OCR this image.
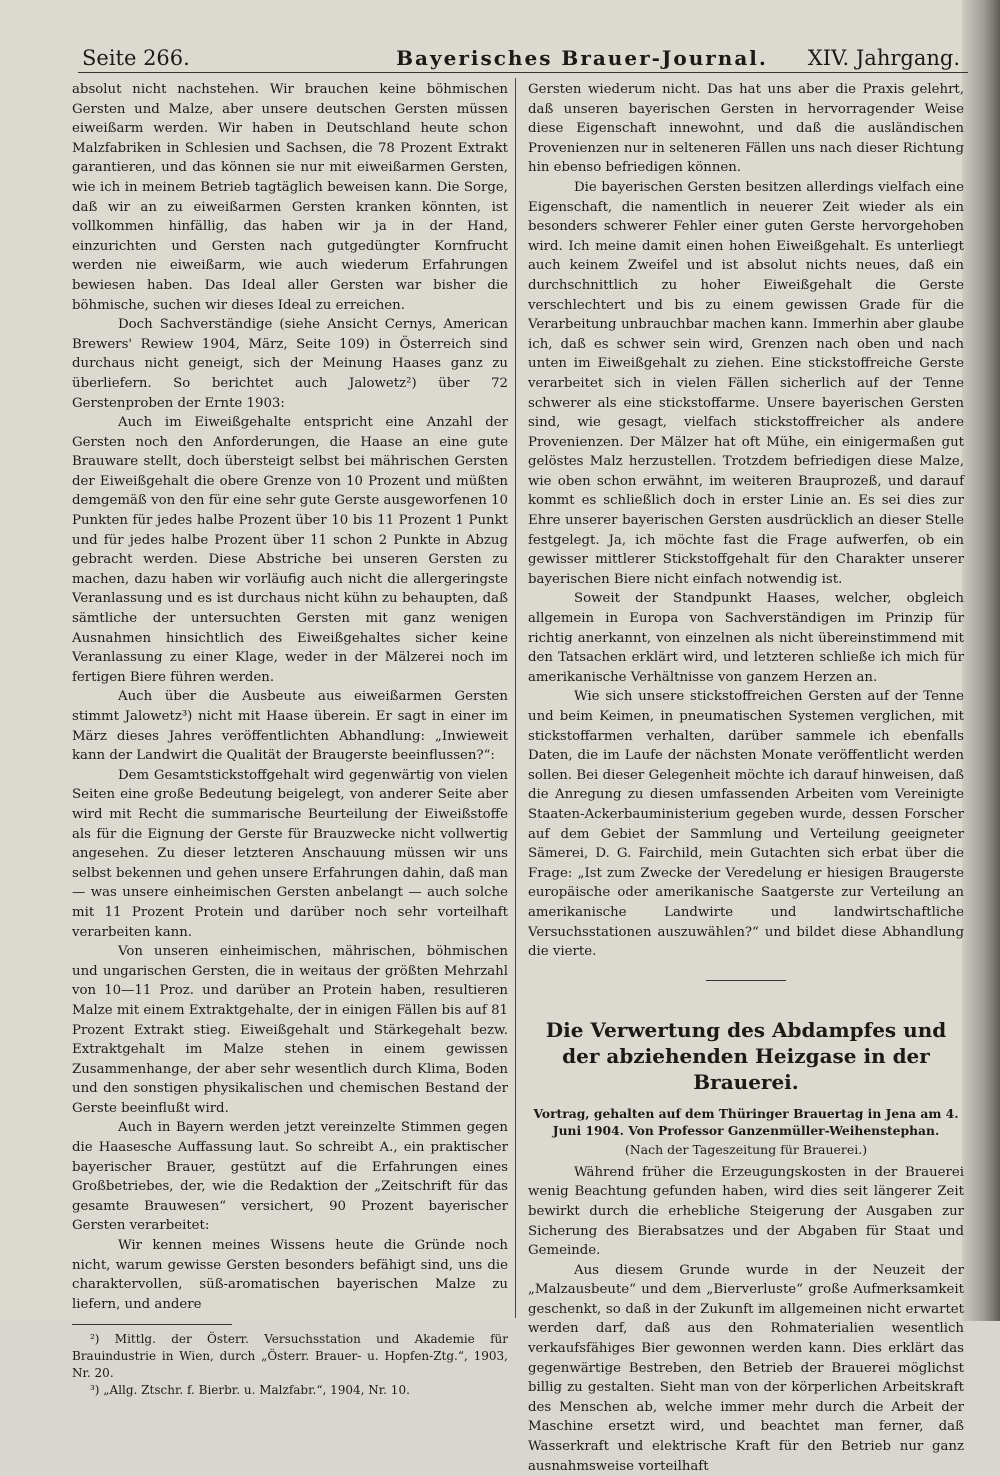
Seite 266.	Bayerisches Brauer-Journal.	XIV. Jahrgang.

absolut nicht nachstehen. Wir brauchen keine böhmischen Gersten und Malze, aber unsere deutschen Gersten müssen eiweißarm werden. Wir haben in Deutschland heute schon Malzfabriken in Schlesien und Sachsen, die 78 Prozent Extrakt garantieren, und das können sie nur mit eiweißarmen Gersten, wie ich in meinem Betrieb tagtäglich beweisen kann. Die Sorge, daß wir an zu eiweißarmen Gersten kranken könnten, ist vollkommen hinfällig, das haben wir ja in der Hand, einzurichten und Gersten nach gutgedüngter Kornfrucht werden nie eiweißarm, wie auch wiederum Erfahrungen bewiesen haben. Das Ideal aller Gersten war bisher die böhmische, suchen wir dieses Ideal zu erreichen.

Doch Sachverständige (siehe Ansicht Cernys, American Brewers' Rewiew 1904, März, Seite 109) in Österreich sind durchaus nicht geneigt, sich der Meinung Haases ganz zu überliefern. So berichtet auch Jalowetz²) über 72 Gerstenproben der Ernte 1903:

Auch im Eiweißgehalte entspricht eine Anzahl der Gersten noch den Anforderungen, die Haase an eine gute Brauware stellt, doch übersteigt selbst bei mährischen Gersten der Eiweißgehalt die obere Grenze von 10 Prozent und müßten demgemäß von den für eine sehr gute Gerste ausgeworfenen 10 Punkten für jedes halbe Prozent über 10 bis 11 Prozent 1 Punkt und für jedes halbe Prozent über 11 schon 2 Punkte in Abzug gebracht werden. Diese Abstriche bei unseren Gersten zu machen, dazu haben wir vorläufig auch nicht die allergeringste Veranlassung und es ist durchaus nicht kühn zu behaupten, daß sämtliche der untersuchten Gersten mit ganz wenigen Ausnahmen hinsichtlich des Eiweißgehaltes sicher keine Veranlassung zu einer Klage, weder in der Mälzerei noch im fertigen Biere führen werden.

Auch über die Ausbeute aus eiweißarmen Gersten stimmt Jalowetz³) nicht mit Haase überein. Er sagt in einer im März dieses Jahres veröffentlichten Abhandlung: „Inwieweit kann der Landwirt die Qualität der Braugerste beeinflussen?“:

Dem Gesamtstickstoffgehalt wird gegenwärtig von vielen Seiten eine große Bedeutung beigelegt, von anderer Seite aber wird mit Recht die summarische Beurteilung der Eiweißstoffe als für die Eignung der Gerste für Brauzwecke nicht vollwertig angesehen. Zu dieser letzteren Anschauung müssen wir uns selbst bekennen und gehen unsere Erfahrungen dahin, daß man — was unsere einheimischen Gersten anbelangt — auch solche mit 11 Prozent Protein und darüber noch sehr vorteilhaft verarbeiten kann.

Von unseren einheimischen, mährischen, böhmischen und ungarischen Gersten, die in weitaus der größten Mehrzahl von 10—11 Proz. und darüber an Protein haben, resultieren Malze mit einem Extraktgehalte, der in einigen Fällen bis auf 81 Prozent Extrakt stieg. Eiweißgehalt und Stärkegehalt bezw. Extraktgehalt im Malze stehen in einem gewissen Zusammenhange, der aber sehr wesentlich durch Klima, Boden und den sonstigen physikalischen und chemischen Bestand der Gerste beeinflußt wird.

Auch in Bayern werden jetzt vereinzelte Stimmen gegen die Haasesche Auffassung laut. So schreibt A., ein praktischer bayerischer Brauer, gestützt auf die Erfahrungen eines Großbetriebes, der, wie die Redaktion der „Zeitschrift für das gesamte Brauwesen“ versichert, 90 Prozent bayerischer Gersten verarbeitet:

Wir kennen meines Wissens heute die Gründe noch nicht, warum gewisse Gersten besonders befähigt sind, uns die charaktervollen, süß-aromatischen bayerischen Malze zu liefern, und andere

²) Mittlg. der Österr. Versuchsstation und Akademie für Brauindustrie in Wien, durch „Österr. Brauer- u. Hopfen-Ztg.“, 1903, Nr. 20.

³) „Allg. Ztschr. f. Bierbr. u. Malzfabr.“, 1904, Nr. 10.

Gersten wiederum nicht. Das hat uns aber die Praxis gelehrt, daß unseren bayerischen Gersten in hervorragender Weise diese Eigenschaft innewohnt, und daß die ausländischen Provenienzen nur in selteneren Fällen uns nach dieser Richtung hin ebenso befriedigen können.

Die bayerischen Gersten besitzen allerdings vielfach eine Eigenschaft, die namentlich in neuerer Zeit wieder als ein besonders schwerer Fehler einer guten Gerste hervorgehoben wird. Ich meine damit einen hohen Eiweißgehalt. Es unterliegt auch keinem Zweifel und ist absolut nichts neues, daß ein durchschnittlich zu hoher Eiweißgehalt die Gerste verschlechtert und bis zu einem gewissen Grade für die Verarbeitung unbrauchbar machen kann. Immerhin aber glaube ich, daß es schwer sein wird, Grenzen nach oben und nach unten im Eiweißgehalt zu ziehen. Eine stickstoffreiche Gerste verarbeitet sich in vielen Fällen sicherlich auf der Tenne schwerer als eine stickstoffarme. Unsere bayerischen Gersten sind, wie gesagt, vielfach stickstoffreicher als andere Provenienzen. Der Mälzer hat oft Mühe, ein einigermaßen gut gelöstes Malz herzustellen. Trotzdem befriedigen diese Malze, wie oben schon erwähnt, im weiteren Brauprozeß, und darauf kommt es schließlich doch in erster Linie an. Es sei dies zur Ehre unserer bayerischen Gersten ausdrücklich an dieser Stelle festgelegt. Ja, ich möchte fast die Frage aufwerfen, ob ein gewisser mittlerer Stickstoffgehalt für den Charakter unserer bayerischen Biere nicht einfach notwendig ist.

Soweit der Standpunkt Haases, welcher, obgleich allgemein in Europa von Sachverständigen im Prinzip für richtig anerkannt, von einzelnen als nicht übereinstimmend mit den Tatsachen erklärt wird, und letzteren schließe ich mich für amerikanische Verhältnisse von ganzem Herzen an.

Wie sich unsere stickstoffreichen Gersten auf der Tenne und beim Keimen, in pneumatischen Systemen verglichen, mit stickstoffarmen verhalten, darüber sammele ich ebenfalls Daten, die im Laufe der nächsten Monate veröffentlicht werden sollen. Bei dieser Gelegenheit möchte ich darauf hinweisen, daß die Anregung zu diesen umfassenden Arbeiten vom Vereinigte Staaten-Ackerbauministerium gegeben wurde, dessen Forscher auf dem Gebiet der Sammlung und Verteilung geeigneter Sämerei, D. G. Fairchild, mein Gutachten sich erbat über die Frage: „Ist zum Zwecke der Veredelung er hiesigen Braugerste europäische oder amerikanische Saatgerste zur Verteilung an amerikanische Landwirte und landwirtschaftliche Versuchsstationen auszuwählen?“ und bildet diese Abhandlung die vierte.

Die Verwertung des Abdampfes und der abziehenden Heizgase in der Brauerei.
Vortrag, gehalten auf dem Thüringer Brauertag in Jena am 4. Juni 1904. Von Professor Ganzenmüller-Weihenstephan.
(Nach der Tageszeitung für Brauerei.)

Während früher die Erzeugungskosten in der Brauerei wenig Beachtung gefunden haben, wird dies seit längerer Zeit bewirkt durch die erhebliche Steigerung der Ausgaben zur Sicherung des Bierabsatzes und der Abgaben für Staat und Gemeinde.

Aus diesem Grunde wurde in der Neuzeit der „Malzausbeute“ und dem „Bierverluste“ große Aufmerksamkeit geschenkt, so daß in der Zukunft im allgemeinen nicht erwartet werden darf, daß aus den Rohmaterialien wesentlich verkaufsfähiges Bier gewonnen werden kann. Dies erklärt das gegenwärtige Bestreben, den Betrieb der Brauerei möglichst billig zu gestalten. Sieht man von der körperlichen Arbeitskraft des Menschen ab, welche immer mehr durch die Arbeit der Maschine ersetzt wird, und beachtet man ferner, daß Wasserkraft und elektrische Kraft für den Betrieb nur ganz ausnahmsweise vorteilhaft
